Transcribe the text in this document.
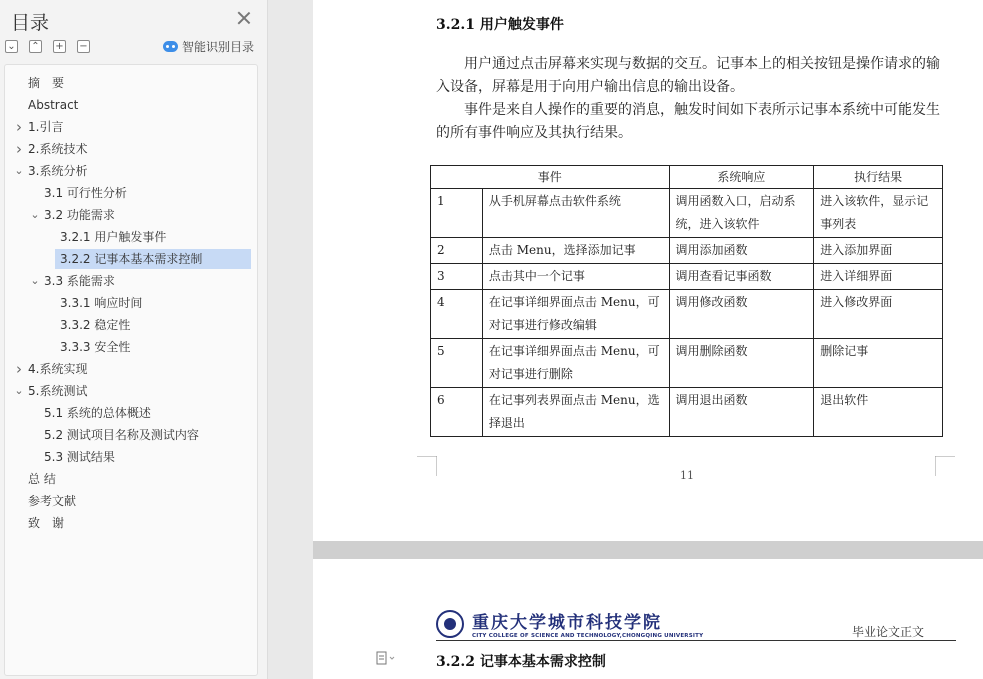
目录
⌄ ⌃ + −	智能识别目录
摘　要
Abstract
1.引言
›
2.系统技术
›
3.系统分析
⌄
3.1 可行性分析
3.2 功能需求
⌄
3.2.1 用户触发事件
3.2.2 记事本基本需求控制
3.3 系能需求
⌄
3.3.1 响应时间
3.3.2 稳定性
3.3.3 安全性
4.系统实现
›
5.系统测试
⌄
5.1 系统的总体概述
5.2 测试项目名称及测试内容
5.3 测试结果
总 结
参考文献
致　谢
3.2.1 用户触发事件
用户通过点击屏幕来实现与数据的交互。记事本上的相关按钮是操作请求的输入设备，屏幕是用于向用户输出信息的输出设备。
事件是来自人操作的重要的消息，触发时间如下表所示记事本系统中可能发生的所有事件响应及其执行结果。
事件		系统响应	执行结果
1	从手机屏幕点击软件系统	调用函数入口，启动系统，进入该软件	进入该软件，显示记事列表
2	点击 Menu，选择添加记事	调用添加函数	进入添加界面
3	点击其中一个记事	调用查看记事函数	进入详细界面
4	在记事详细界面点击 Menu，可对记事进行修改编辑	调用修改函数	进入修改界面
5	在记事详细界面点击 Menu，可对记事进行删除	调用删除函数	删除记事
6	在记事列表界面点击 Menu，选择退出	调用退出函数	退出软件
11
重庆大学城市科技学院
CITY COLLEGE OF SCIENCE AND TECHNOLOGY,CHONGQING UNIVERSITY	毕业论文正文
3.2.2 记事本基本需求控制
